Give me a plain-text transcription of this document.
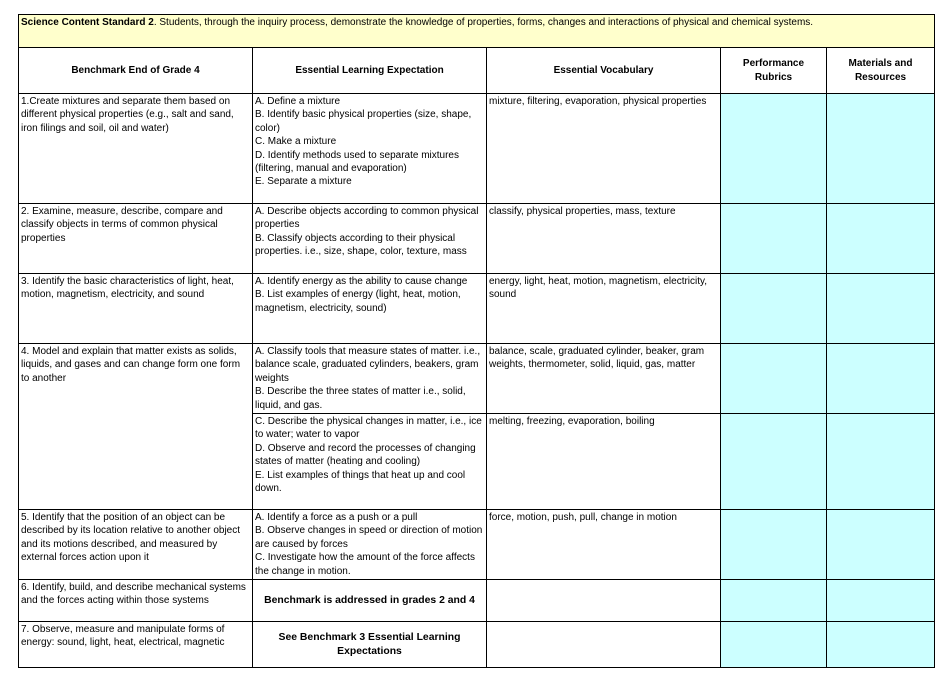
Science Content Standard 2. Students, through the inquiry process, demonstrate the knowledge of properties, forms, changes and interactions of physical and chemical systems.				
Benchmark End of Grade 4	Essential Learning Expectation	Essential Vocabulary	Performance Rubrics	Materials and Resources
1.Create mixtures and separate them based on different physical properties (e.g., salt and sand, iron filings and soil, oil and water)	A. Define a mixture
B. Identify basic physical properties (size, shape, color)
C. Make a mixture
D. Identify methods used to separate mixtures (filtering, manual and evaporation)
E. Separate a mixture	mixture, filtering, evaporation, physical properties		
2. Examine, measure, describe, compare and classify objects in terms of common physical properties	A. Describe objects according to common physical properties
B. Classify objects according to their physical properties. i.e., size, shape, color, texture, mass	classify, physical properties, mass, texture		
3. Identify the basic characteristics of light, heat, motion, magnetism, electricity, and sound	A. Identify energy as the ability to cause change
B. List examples of energy (light, heat, motion, magnetism, electricity, sound)	energy, light, heat, motion, magnetism, electricity, sound		
4. Model and explain that matter exists as solids, liquids, and gases and can change form one form to another	A. Classify tools that measure states of matter. i.e., balance scale, graduated cylinders, beakers, gram weights
B. Describe the three states of matter i.e., solid, liquid, and gas.	balance, scale, graduated cylinder, beaker, gram weights, thermometer, solid, liquid, gas, matter		

	C. Describe the physical changes in matter, i.e., ice to water; water to vapor
D. Observe and record the processes of changing states of matter (heating and cooling)
E. List examples of things that heat up and cool down.	melting, freezing, evaporation, boiling		
5. Identify that the position of an object can be described by its location relative to another object and its motions described, and measured by external forces action upon it	A. Identify a force as a push or a pull
B. Observe changes in speed or direction of motion are caused by forces
C. Investigate how the amount of the force affects the change in motion.	force, motion, push, pull, change in motion		
6. Identify, build, and describe mechanical systems and the forces acting within those systems	Benchmark is addressed in grades 2 and 4			
7. Observe, measure and manipulate forms of energy: sound, light, heat, electrical, magnetic	See Benchmark 3 Essential Learning Expectations			
